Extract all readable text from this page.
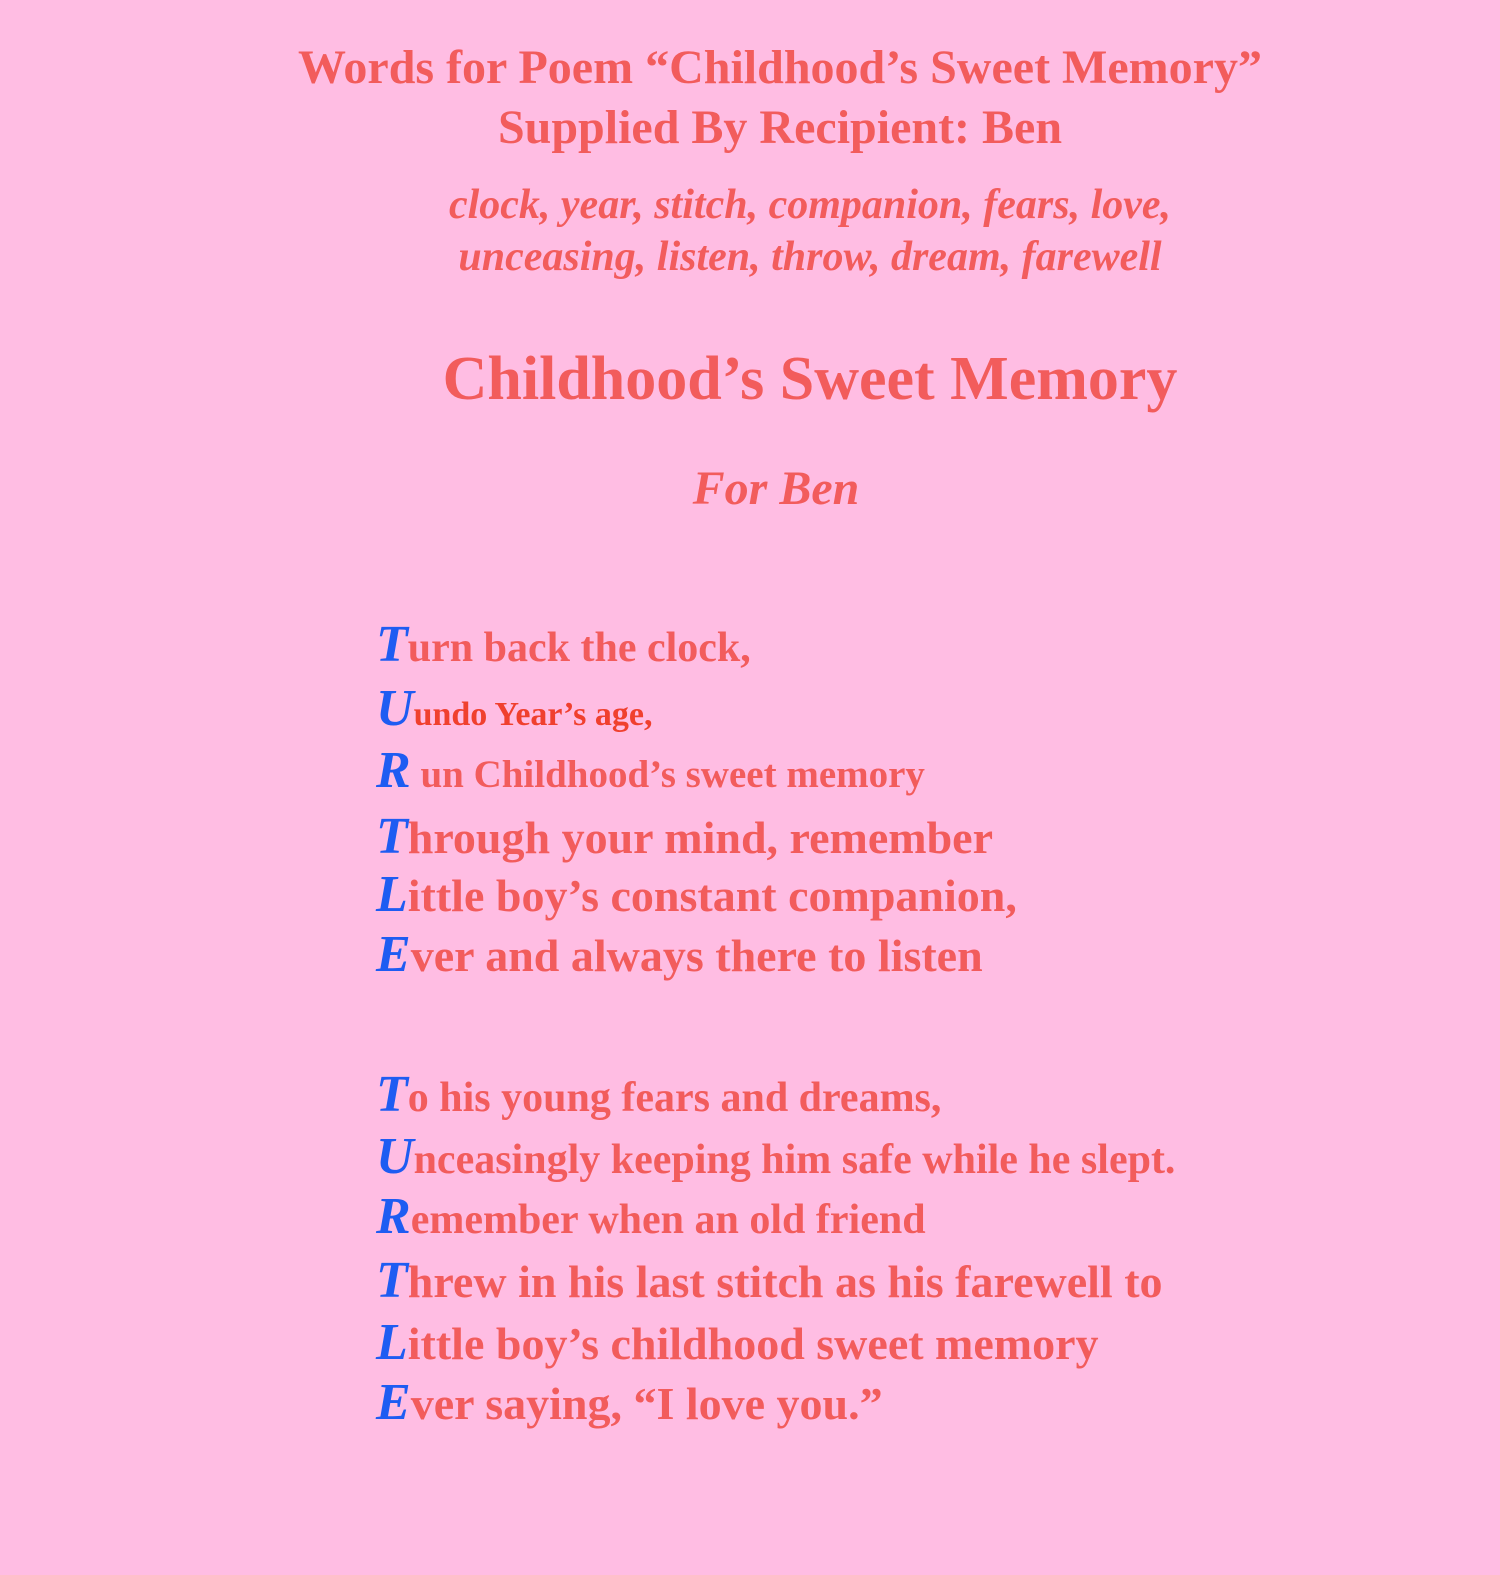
Words for Poem “Childhood’s Sweet Memory”
Supplied By Recipient: Ben
clock, year, stitch, companion, fears, love,
unceasing, listen, throw, dream, farewell
Childhood’s Sweet Memory
For Ben
Turn back the clock,
Uundo Year’s age,
R un Childhood’s sweet memory
Through your mind, remember
Little boy’s constant companion,
Ever and always there to listen
To his young fears and dreams,
Unceasingly keeping him safe while he slept.
Remember when an old friend
Threw in his last stitch as his farewell to
Little boy’s childhood sweet memory
Ever saying, “I love you.”
